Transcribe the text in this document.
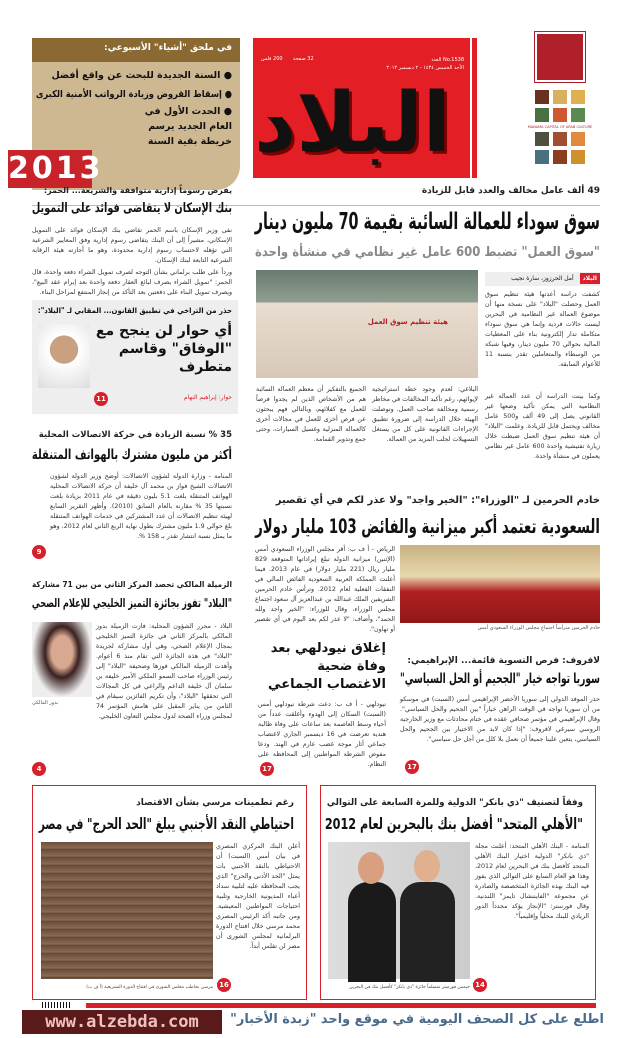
MANAMA CAPITAL OF ARAB CULTURE
No.1538 العدد
الأحد الخميس ١٤٣٤ - ٢ ديسمبر ٢٠١٢
32 صفحة
200 فلس
البلاد
في ملحق "أشياء" الأسبوعي:
● السنة الجديدة للبحث عن واقع أفضل
● إسقاط القروض وزيادة الرواتب الأمنية الكبرى
● الحدث الأول في العام الجديد يرسم خريطة بقية السنة
2013
49 ألف عامل مخالف والعدد قابل للزيادة
سوق سوداء للعمالة السائبة بقيمة 70 مليون دينار
"سوق العمل" تضبط 600 عامل غير نظامي في منشأة واحدة
هيئة تنظيم سوق العمل
البلاد أمل الحرزوز، سارة نجيب
كشفت دراسة أعدتها هيئة تنظيم سوق العمل وحصلت "البلاد" على نسخة منها أن موضوع العمالة غير النظامية في البحرين ليست حالات فردية وإنما هي سوق سوداء متكاملة تدار إلكترونية بناء على المعطيات المالية بحوالي 70 مليون دينار، وفيها شبكة من الوسطاء والمتعاملين تقدر بنسبة 11 للأعوام السابقة.
وكما بينت الدراسة أن عدد العمالة غير النظامية التي يمكن تأكيد وضعها غير القانوني يصل إلى 49 ألف و500 عامل مخالف ويحتمل قابل للزيادة. وعلمت "البلاد" أن هيئة تنظيم سوق العمل ضبطت خلال زيارة تفتيشية واحدة 600 عامل غير نظامي يعملون في منشأة واحدة.
البلاغي: لعدم وجود خطة استراتيجية لإيوائهم، رغم تأكيد المخالفات في مخاطر رسمية ومخالفة صاحب العمل. وتوصلت الهيئة خلال الدراسة إلى ضرورة تطبيق الإجراءات القانونية على كل من يستغل التسهيلات لجلب المزيد من العمالة.
الجميع بالتفكير أن معظم العمالة السائبة هم من الأشخاص الذين لم يجدوا فرصاً للعمل مع كفلائهم، وبالتالي فهم يبحثون عن فرص أخرى للعمل في مجالات أخرى كالعمالة المنزلية وغسيل السيارات، وحتى جمع وتدوير القمامة.
يفرض رسوماً إدارية متوافقة والشريعة... الحمر:
بنك الإسكان لا يتقاضى فوائد على التمويل
نفى وزير الإسكان باسم الحمر تقاضي بنك الإسكان فوائد على التمويل الإسكاني، مشيراً إلى أن البنك يتقاضى رسوم إدارية وفق المعايير الشرعية التي تؤهله لاحتساب رسوم إدارية محدودة، وهو ما أجازته هيئة الرقابة الشرعية التابعة لبنك الإسكان.
ورداً على طلب برلماني بشأن التوجه لصرف تمويل الشراء دفعة واحدة، قال الحمر: "تمويل الشراء يصرف لبائع العقار دفعة واحدة بعد إبرام عقد البيع"، ويصرف تمويل البناء على دفعتين بعد التأكد من إنجاز المنتفع لمراحل البناء.
حذر من التراخي في تطبيق القانون... المقابي لـ "البلاد":
أي حوار لن ينجح مع "الوفاق" وقاسم متطرف
حوار: إبراهيم النهام
11
35 % نسبة الزيادة في حركة الاتصالات المحلية
أكثر من مليون مشترك بالهواتف المتنقلة
المنامة - وزارة الدولة لشؤون الاتصالات: أوضح وزير الدولة لشؤون الاتصالات الشيخ فواز بن محمد آل خليفة أن حركة الاتصالات المحلية الهواتف المتنقلة بلغت 5.1 بليون دقيقة في عام 2011 بزيادة بلغت نسبتها 35 % مقارنة بالعام السابق (2010). وأظهر التقرير السابع لهيئة تنظيم الاتصالات أن عدد المشتركين في خدمات الهواتف المتنقلة بلغ حوالي 1.9 مليون مشترك بطول نهاية الربع الثاني لعام 2012، وهو ما يمثل نسبة انتشار تقدر بـ 158 %.
9
الزميلة المالكي تحصد المركز الثاني من بين 71 مشاركة
"البلاد" تفوز بجائزة التميز الخليجي للإعلام الصحي
بدور المالكي
البلاد - محرر الشؤون المحلية: فازت الزميلة بدور المالكي بالمركز الثاني في جائزة التميز الخليجي بمجال الإعلام الصحي، وهي أول مشاركة لجريدة "البلاد" في هذه الجائزة التي تقام منذ 6 أعوام. وأهدت الزميلة المالكي فوزها وصحيفة "البلاد" إلى رئيس الوزراء صاحب السمو الملكي الأمير خليفة بن سلمان آل خليفة الداعم والراعي في كل المجالات التي تحققها "البلاد"، وأن تكريم الفائزين سيقام في الثامن من يناير المقبل على هامش المؤتمر 74 لمجلس وزراء الصحة لدول مجلس التعاون الخليجي.
4
خادم الحرمين لـ "الوزراء": "الخير واجد" ولا عذر لكم في أي تقصير
السعودية تعتمد أكبر ميزانية والفائض 103 مليار دولار
خادم الحرمين مترأساً اجتماع مجلس الوزراء السعودي أمس
الرياض - أ ف ب: أقر مجلس الوزراء السعودي أمس (الإثنين) ميزانية الدولة تبلغ إيراداتها المتوقعة 829 مليار ريال (221 مليار دولار) في عام 2013. فيما أعلنت المملكة العربية السعودية الفائض المالي في النفقات الفعلية لعام 2012. وترأس خادم الحرمين الشريفين الملك عبدالله بن عبدالعزيز آل سعود اجتماع مجلس الوزراء، وقال للوزراء: "الخير واجد ولله الحمد"، وأضاف: "لا عذر لكم بعد اليوم في أي تقصير أو تهاون".
لافروف: فرص التسوية قائمة... الإبراهيمي:
سوريا تواجه خيار "الجحيم أو الحل السياسي"
حذر الموفد الدولي إلى سوريا الأخضر الإبراهيمي أمس (السبت) في موسكو من أن سوريا تواجه في الوقت الراهن خياراً "بين الجحيم والحل السياسي". وقال الإبراهيمي في مؤتمر صحافي عقده في ختام محادثات مع وزير الخارجية الروسي سيرغي لافروف: "إذا كان لابد من الاختيار بين الجحيم والحل السياسي، يتعين علينا جميعاً أن نعمل بلا كلل من أجل حل سياسي".
17
إغلاق نيودلهي بعد وفاة ضحية الاغتصاب الجماعي
نيودلهي - أ ف ب: دعت شرطة نيودلهي أمس (السبت) السكان إلى الهدوء وأغلقت عدداً من أحياء وسط العاصمة بعد ساعات على وفاة طالبة هندية تعرضت في 16 ديسمبر الجاري لاغتصاب جماعي أثار موجة غضب عارم في الهند. ودعا مفوض الشرطة المواطنين إلى المحافظة على النظام.
17
رغم تطمينات مرسي بشأن الاقتصاد
احتياطي النقد الأجنبي يبلغ "الحد الحرج" في مصر
مرسي يخاطب مجلس الشورى في افتتاح الدورة التشريعية (أ ف ب)
أعلن البنك المركزي المصري في بيان أمس (السبت) أن الاحتياطي بالنقد الأجنبي بات يمثل "الحد الأدنى والحرج" الذي يجب المحافظة عليه لتلبية سداد أعباء المديونية الخارجية وتلبية احتياجات المواطنين المعيشية. ومن جانبه أكد الرئيس المصري محمد مرسي خلال افتتاح الدورة البرلمانية لمجلس الشورى أن مصر لن تفلس أبداً.
16
وفقاً لتصنيف "ذي بانكر" الدولية وللمرة السابعة على التوالي
"الأهلي المتحد" أفضل بنك بالبحرين لعام 2012
جيمس فورستر متسلماً جائزة "ذي بانكر" كأفضل بنك في البحرين
المنامة - البنك الأهلي المتحد: أعلنت مجلة "ذي بانكر" الدولية اختيار البنك الأهلي المتحد كأفضل بنك في البحرين لعام 2012، وهذا هو العام السابع على التوالي الذي يفوز فيه البنك بهذه الجائزة المتخصصة والصادرة عن مجموعة "الفايننشال تايمز" اللندنية. وقال فورستر: "الإنجاز يؤكد مجدداً الدور الريادي للبنك محلياً وإقليمياً".
14
www.alzebda.com	اطلع على كل الصحف اليومية في موقع واحد "زبدة الأخبار"
